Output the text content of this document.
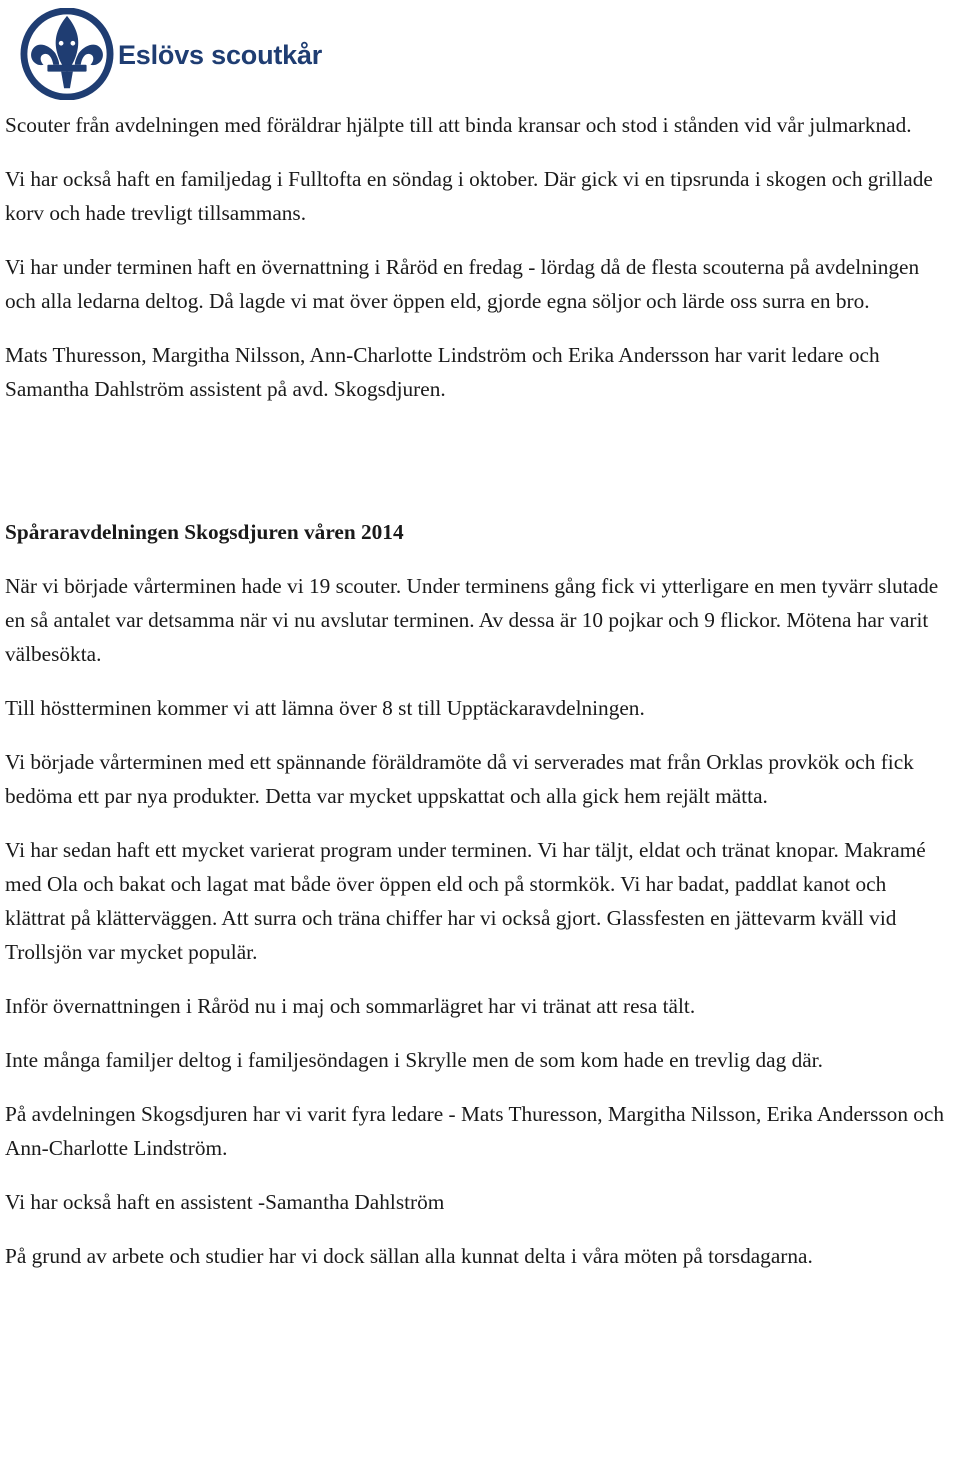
Eslövs scoutkår

Scouter från avdelningen med föräldrar hjälpte till att binda kransar och stod i stånden vid vår julmarknad.

Vi har också haft en familjedag i Fulltofta en söndag i oktober. Där gick vi en tipsrunda i skogen och grillade korv och hade trevligt tillsammans.

Vi har under terminen haft en övernattning i Råröd en fredag - lördag då de flesta scouterna på avdelningen och alla ledarna deltog. Då lagde vi mat över öppen eld, gjorde egna söljor och lärde oss surra en bro.

Mats Thuresson, Margitha Nilsson, Ann-Charlotte Lindström och Erika Andersson har varit ledare och Samantha Dahlström assistent på avd. Skogsdjuren.

Spåraravdelningen Skogsdjuren våren 2014

När vi började vårterminen hade vi 19 scouter. Under terminens gång fick vi ytterligare en men tyvärr slutade en så antalet var detsamma när vi nu avslutar terminen. Av dessa är 10 pojkar och 9 flickor. Mötena har varit välbesökta.

Till höstterminen kommer vi att lämna över 8 st till Upptäckaravdelningen.

Vi började vårterminen med ett spännande föräldramöte då vi serverades mat från Orklas provkök och fick bedöma ett par nya produkter. Detta var mycket uppskattat och alla gick hem rejält mätta.

Vi har sedan haft ett mycket varierat program under terminen. Vi har täljt, eldat och tränat knopar. Makramé med Ola och bakat och lagat mat både över öppen eld och på stormkök. Vi har badat, paddlat kanot och klättrat på klätterväggen. Att surra och träna chiffer har vi också gjort. Glassfesten en jättevarm kväll vid Trollsjön var mycket populär.

Inför övernattningen i Råröd nu i maj och sommarlägret har vi tränat att resa tält.

Inte många familjer deltog i familjesöndagen i Skrylle men de som kom hade en trevlig dag där.

På avdelningen Skogsdjuren har vi varit fyra ledare - Mats Thuresson, Margitha Nilsson, Erika Andersson och Ann-Charlotte Lindström.

Vi har också haft en assistent -Samantha Dahlström

På grund av arbete och studier har vi dock sällan alla kunnat delta i våra möten på torsdagarna.
